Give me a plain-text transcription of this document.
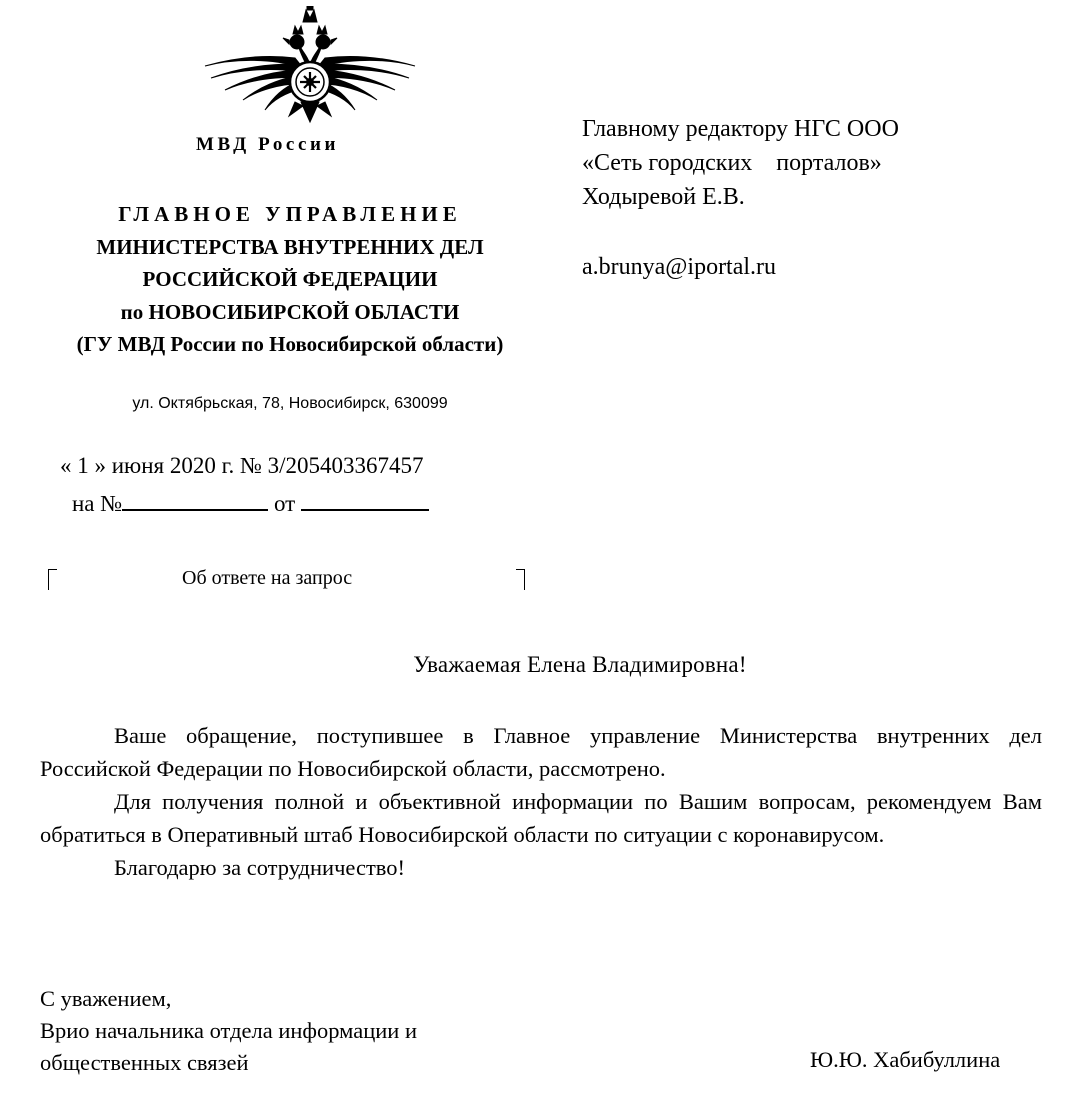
МВД России
ГЛАВНОЕ УПРАВЛЕНИЕ
МИНИСТЕРСТВА ВНУТРЕННИХ ДЕЛ
РОССИЙСКОЙ ФЕДЕРАЦИИ
по НОВОСИБИРСКОЙ ОБЛАСТИ
(ГУ МВД России по Новосибирской области)
ул. Октябрьская, 78, Новосибирск, 630099
« 1 » июня 2020 г. № 3/205403367457
на №	от
Об ответе на запрос
Главному редактору НГС ООО
«Сеть городских    порталов»
Ходыревой Е.В.
a.brunya@iportal.ru
Уважаемая Елена Владимировна!

Ваше обращение, поступившее в Главное управление Министерства внутренних дел Российской Федерации по Новосибирской области, рассмотрено.

Для получения полной и объективной информации по Вашим вопросам, рекомендуем Вам обратиться в Оперативный штаб Новосибирской области по ситуации с коронавирусом.

Благодарю за сотрудничество!

С уважением,
Врио начальника отдела информации и
общественных связей	Ю.Ю. Хабибуллина
